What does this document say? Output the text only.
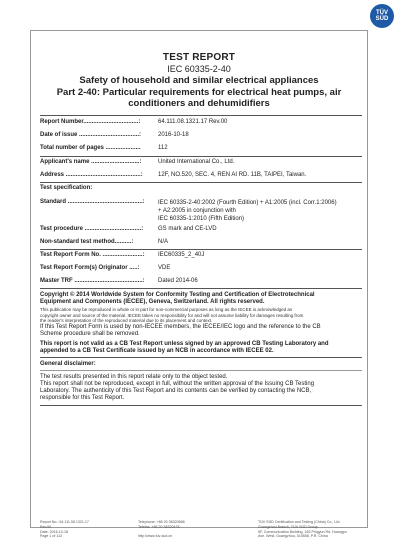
TÜV
SÜD
TEST REPORT
IEC 60335-2-40
Safety of household and similar electrical appliances
Part 2-40: Particular requirements for electrical heat pumps, air
conditioners and dehumidifiers
Report Number.................................:	64.111.08.1321.17 Rev.00
Date of issue ....................................:	2016-10-18
Total number of pages .....................	112
Applicant's name .............................:	United International Co., Ltd.
Address .............................................:	12F, NO.520, SEC. 4, REN AI RD. 11B, TAIPEI, Taiwan.
Test specification:
Standard .............................................: IEC 60335-2-40:2002 (Fourth Edition) + A1:2005 (incl. Corr.1:2006)
+ A2:2005 in conjunction with
IEC 60335-1:2010 (Fifth Edition)
Test procedure ..................................: GS mark and CE-LVD
Non-standard test method..........:	N/A
Test Report Form No. ........................: IEC60335_2_40J
Test Report Form(s) Originator .....:	VDE
Master TRF .........................................: Dated 2014-06
Copyright © 2014 Worldwide System for Conformity Testing and Certification of Electrotechnical
Equipment and Components (IECEE), Geneva, Switzerland. All rights reserved.
This publication may be reproduced in whole or in part for non-commercial purposes as long as the IECEE is acknowledged as
copyright owner and source of the material. IECEE takes no responsibility for and will not assume liability for damages resulting from
the reader's interpretation of the reproduced material due to its placement and context.
If this Test Report Form is used by non-IECEE members, the IECEE/IEC logo and the reference to the CB
Scheme procedure shall be removed.
This report is not valid as a CB Test Report unless signed by an approved CB Testing Laboratory and
appended to a CB Test Certificate issued by an NCB in accordance with IECEE 02.
General disclaimer:
The test results presented in this report relate only to the object tested.
This report shall not be reproduced, except in full, without the written approval of the Issuing CB Testing
Laboratory. The authenticity of this Test Report and its contents can be verified by contacting the NCB,
responsible for this Test Report.
Report No.: 64.111.08.1321.17
Rev.00
Date: 2016-10-18
Page 1 of 112
Telephone: +86 20 38320668
Telefax: +86 20 38320478

http://www.tuv-sud.cn
TÜV SÜD Certification and Testing (China) Co., Ltd.
Guangzhou Branch, TÜV SÜD Group
5F, Communication Building, 163 Pingyun Rd. Huangpu
Ave. West, Guangzhou, 510656, P.R. China
